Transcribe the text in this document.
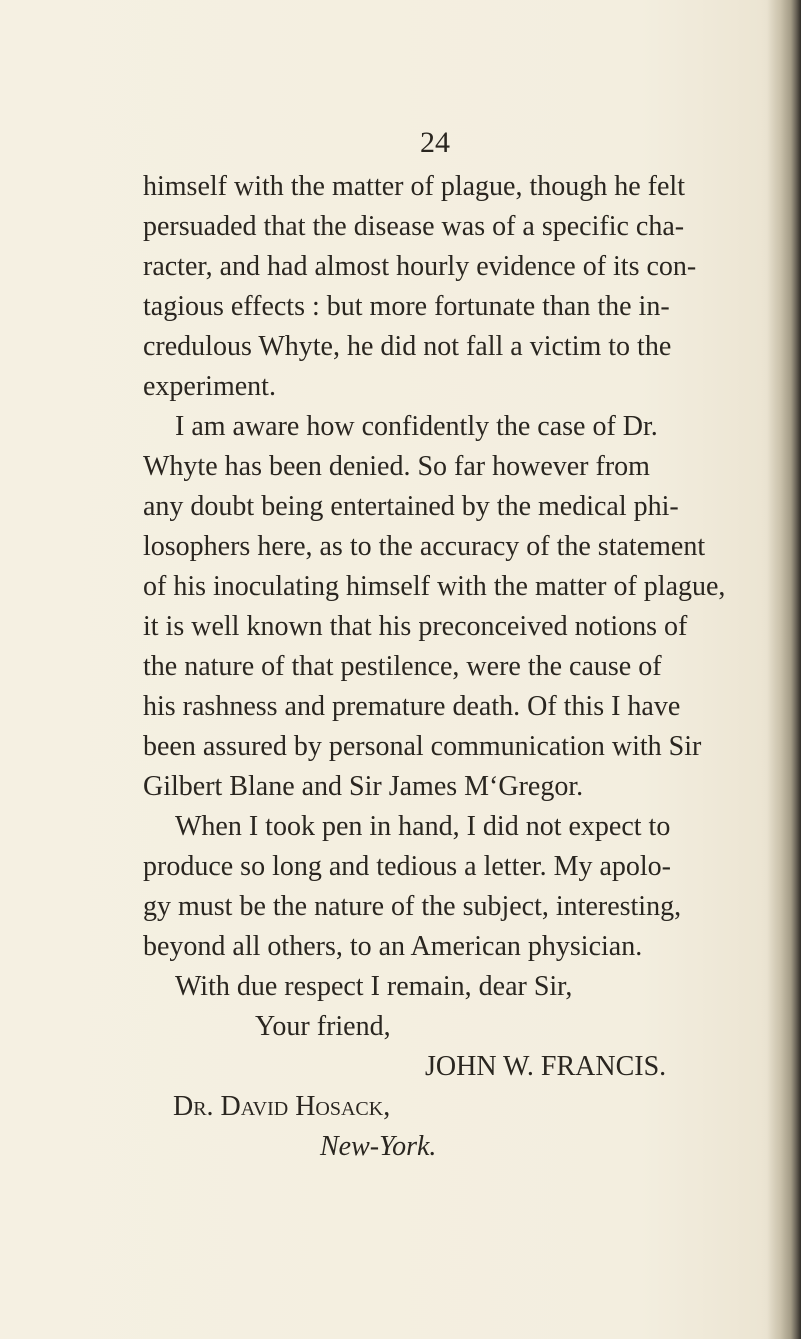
24
himself with the matter of plague, though he felt
persuaded that the disease was of a specific cha-
racter, and had almost hourly evidence of its con-
tagious effects : but more fortunate than the in-
credulous Whyte, he did not fall a victim to the
experiment.
I am aware how confidently the case of Dr.
Whyte has been denied. So far however from
any doubt being entertained by the medical phi-
losophers here, as to the accuracy of the statement
of his inoculating himself with the matter of plague,
it is well known that his preconceived notions of
the nature of that pestilence, were the cause of
his rashness and premature death. Of this I have
been assured by personal communication with Sir
Gilbert Blane and Sir James M‘Gregor.
When I took pen in hand, I did not expect to
produce so long and tedious a letter. My apolo-
gy must be the nature of the subject, interesting,
beyond all others, to an American physician.
With due respect I remain, dear Sir,
Your friend,
JOHN W. FRANCIS.
Dr. David Hosack,
New-York.
